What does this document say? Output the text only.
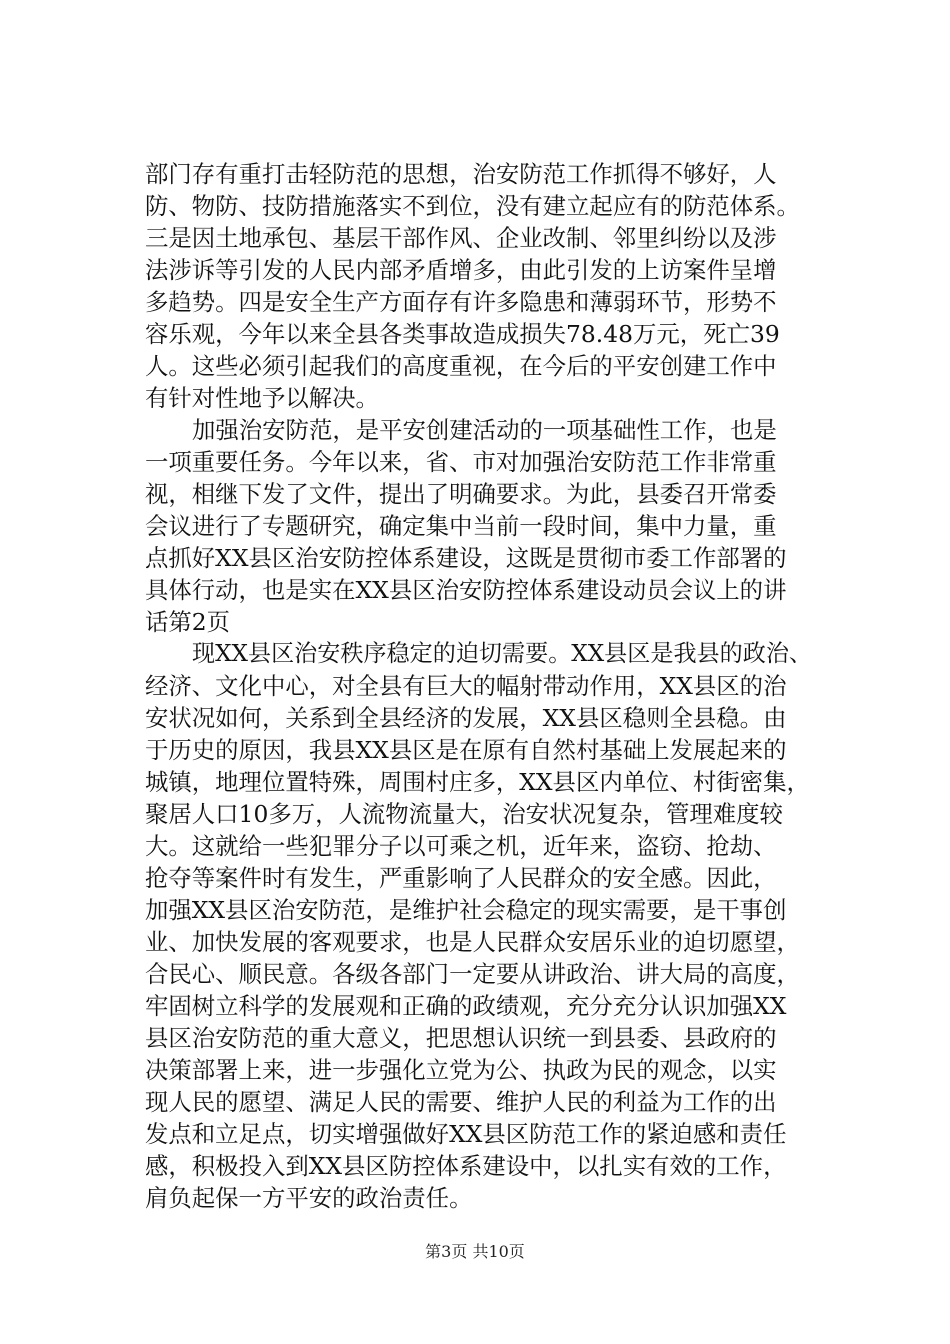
部门存有重打击轻防范的思想，治安防范工作抓得不够好，人
防、物防、技防措施落实不到位，没有建立起应有的防范体系。
三是因土地承包、基层干部作风、企业改制、邻里纠纷以及涉
法涉诉等引发的人民内部矛盾增多，由此引发的上访案件呈增
多趋势。四是安全生产方面存有许多隐患和薄弱环节，形势不
容乐观，今年以来全县各类事故造成损失78.48万元，死亡39
人。这些必须引起我们的高度重视，在今后的平安创建工作中
有针对性地予以解决。
加强治安防范，是平安创建活动的一项基础性工作，也是
一项重要任务。今年以来，省、市对加强治安防范工作非常重
视，相继下发了文件，提出了明确要求。为此，县委召开常委
会议进行了专题研究，确定集中当前一段时间，集中力量，重
点抓好XX县区治安防控体系建设，这既是贯彻市委工作部署的
具体行动，也是实在XX县区治安防控体系建设动员会议上的讲
话第2页
现XX县区治安秩序稳定的迫切需要。XX县区是我县的政治、
经济、文化中心，对全县有巨大的幅射带动作用，XX县区的治
安状况如何，关系到全县经济的发展，XX县区稳则全县稳。由
于历史的原因，我县XX县区是在原有自然村基础上发展起来的
城镇，地理位置特殊，周围村庄多，XX县区内单位、村街密集，
聚居人口10多万，人流物流量大，治安状况复杂，管理难度较
大。这就给一些犯罪分子以可乘之机，近年来，盗窃、抢劫、
抢夺等案件时有发生，严重影响了人民群众的安全感。因此，
加强XX县区治安防范，是维护社会稳定的现实需要，是干事创
业、加快发展的客观要求，也是人民群众安居乐业的迫切愿望，
合民心、顺民意。各级各部门一定要从讲政治、讲大局的高度，
牢固树立科学的发展观和正确的政绩观，充分充分认识加强XX
县区治安防范的重大意义，把思想认识统一到县委、县政府的
决策部署上来，进一步强化立党为公、执政为民的观念，以实
现人民的愿望、满足人民的需要、维护人民的利益为工作的出
发点和立足点，切实增强做好XX县区防范工作的紧迫感和责任
感，积极投入到XX县区防控体系建设中，以扎实有效的工作，
肩负起保一方平安的政治责任。
第3页 共10页
